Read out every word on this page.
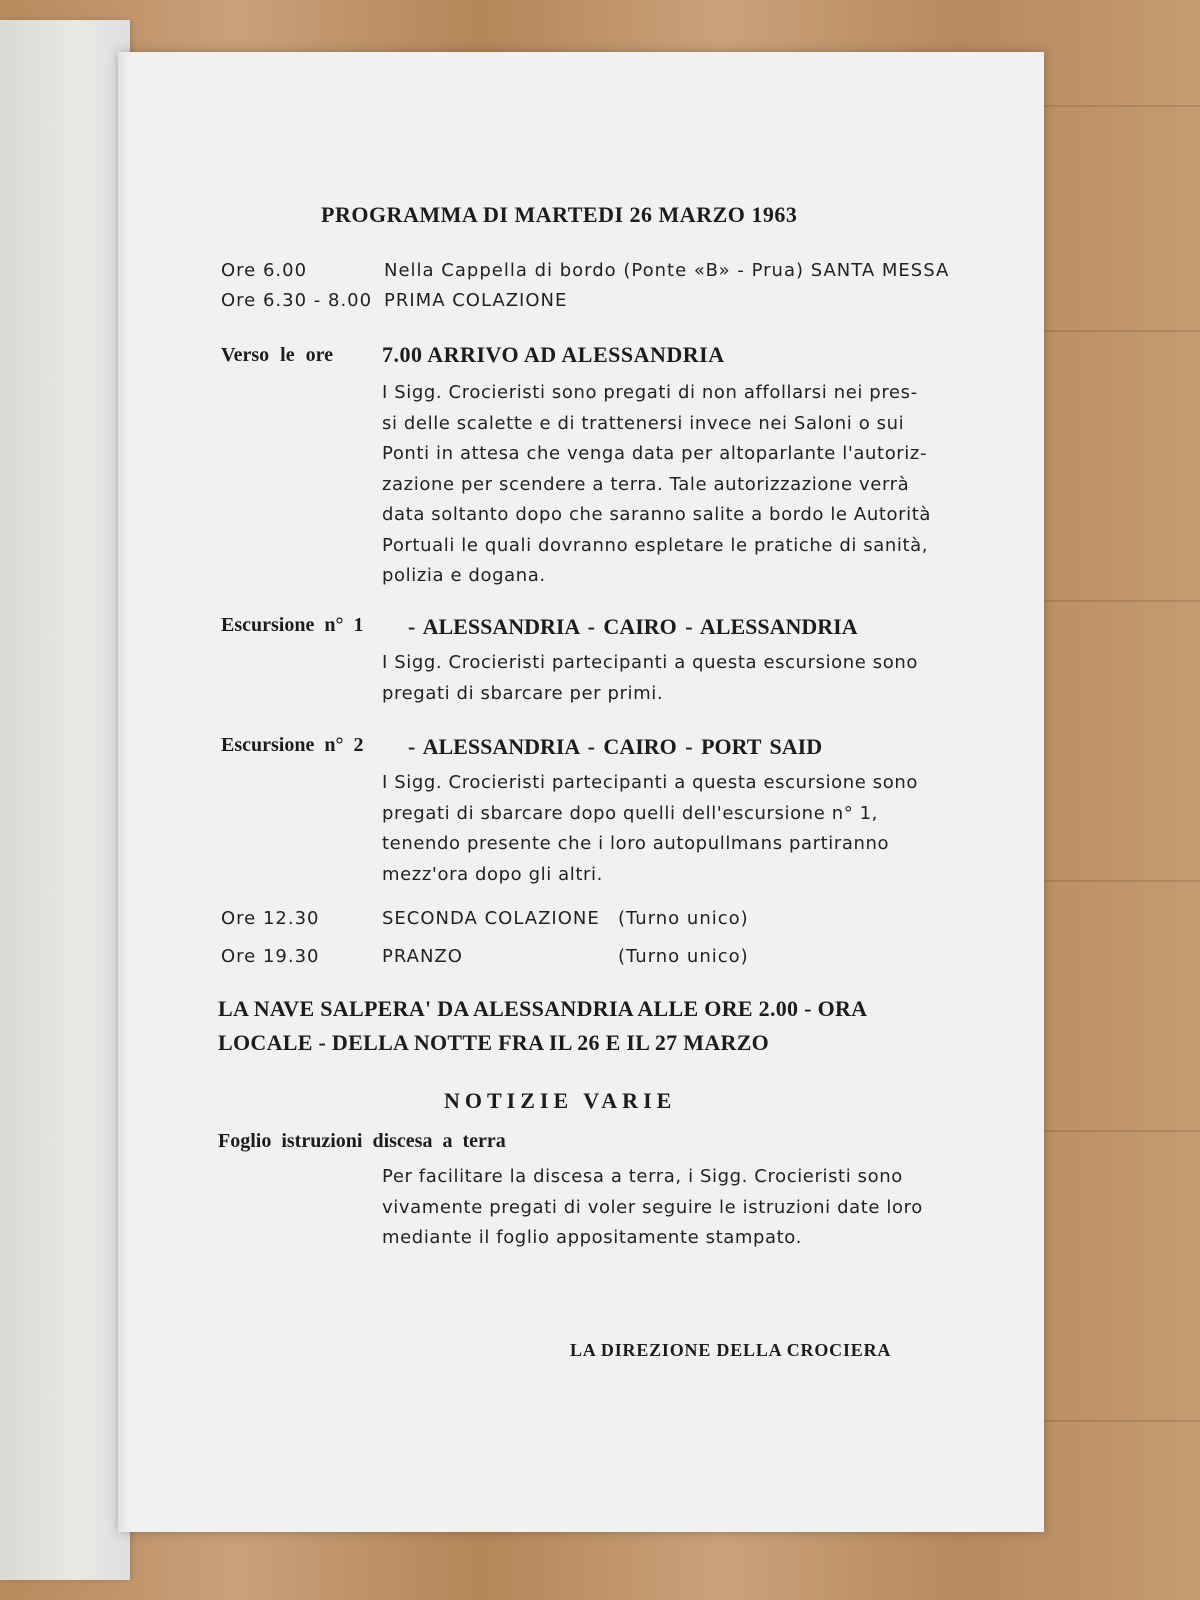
PROGRAMMA DI MARTEDI 26 MARZO 1963
Ore 6.00	Nella Cappella di bordo (Ponte «B» - Prua) SANTA MESSA
Ore 6.30 - 8.00 PRIMA COLAZIONE
Verso le ore 7.00 ARRIVO AD ALESSANDRIA
I Sigg. Crocieristi sono pregati di non affollarsi nei pres-
si delle scalette e di trattenersi invece nei Saloni o sui
Ponti in attesa che venga data per altoparlante l'autoriz-
zazione per scendere a terra. Tale autorizzazione verrà
data soltanto dopo che saranno salite a bordo le Autorità
Portuali le quali dovranno espletare le pratiche di sanità,
polizia e dogana.
Escursione n° 1 - ALESSANDRIA - CAIRO - ALESSANDRIA
I Sigg. Crocieristi partecipanti a questa escursione sono
pregati di sbarcare per primi.
Escursione n° 2 - ALESSANDRIA - CAIRO - PORT SAID
I Sigg. Crocieristi partecipanti a questa escursione sono
pregati di sbarcare dopo quelli dell'escursione n° 1,
tenendo presente che i loro autopullmans partiranno
mezz'ora dopo gli altri.
Ore 12.30	SECONDA COLAZIONE (Turno unico)
Ore 19.30	PRANZO	(Turno unico)
LA NAVE SALPERA' DA ALESSANDRIA ALLE ORE 2.00 - ORA
LOCALE - DELLA NOTTE FRA IL 26 E IL 27 MARZO
NOTIZIE VARIE
Foglio istruzioni discesa a terra
Per facilitare la discesa a terra, i Sigg. Crocieristi sono
vivamente pregati di voler seguire le istruzioni date loro
mediante il foglio appositamente stampato.
LA DIREZIONE DELLA CROCIERA
